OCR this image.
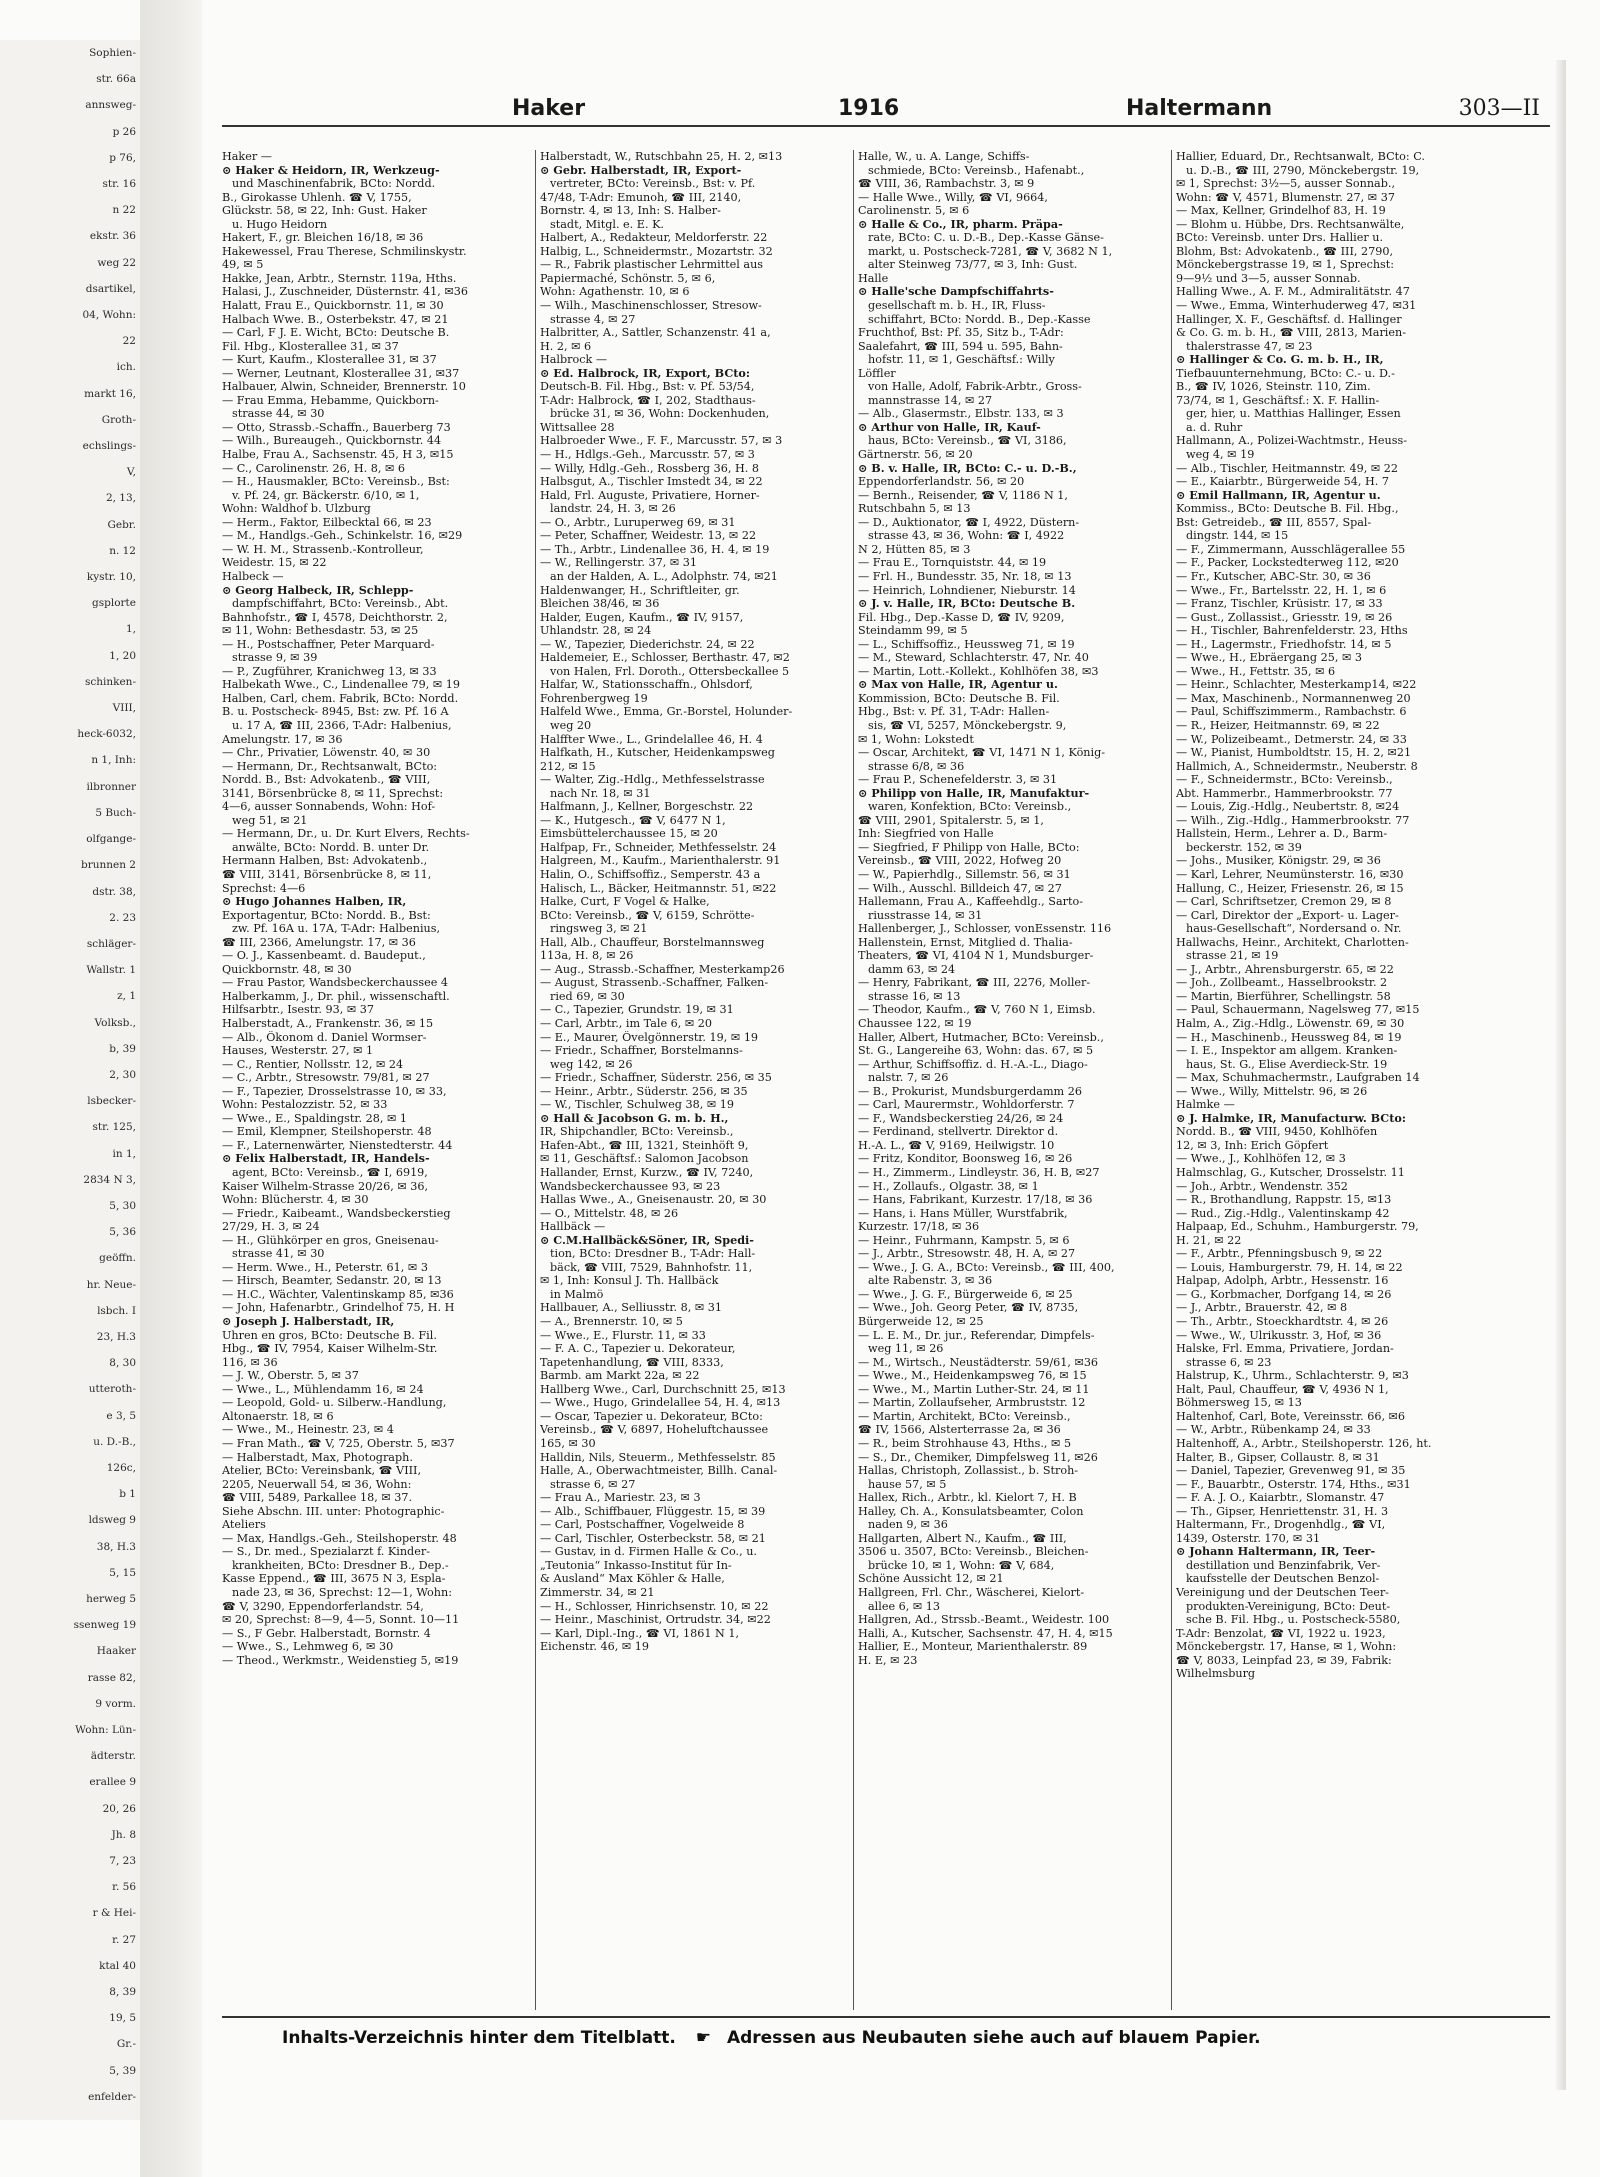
Sophien-
str. 66a
annsweg-
p 26
p 76,
str. 16
n 22
ekstr. 36
weg 22
dsartikel,
04, Wohn:
22
ich.
markt 16,
Groth-
echslings-
V,
2, 13,
Gebr.
n. 12
kystr. 10,
gsplorte
1,
1, 20
schinken-
VIII,
heck-6032,
n 1, Inh:
ilbronner
5 Buch-
olfgange-
brunnen 2
dstr. 38,
2. 23
schläger-
Wallstr. 1
z, 1
Volksb.,
b, 39
2, 30
lsbecker-
str. 125,
in 1,
2834 N 3,
5, 30
5, 36
geöffn.
hr. Neue-
lsbch. I
23, H.3
8, 30
utteroth-
e 3, 5
u. D.-B.,
126c,
b 1
ldsweg 9
38, H.3
5, 15
herweg 5
ssenweg 19
Haaker
rasse 82,
9 vorm.
Wohn: Lün-
ädterstr.
erallee 9
20, 26
Jh. 8
7, 23
r. 56
r & Hei-
r. 27
ktal 40
8, 39
19, 5
Gr.-
5, 39
enfelder-
Haker	1916	Haltermann	303—II
Haker —
⊙ Haker & Heidorn, IR, Werkzeug-
und Maschinenfabrik, BCto: Nordd.
B., Girokasse Uhlenh. ☎ V, 1755,
Glückstr. 58, ✉ 22, Inh: Gust. Haker
u. Hugo Heidorn
Hakert, F., gr. Bleichen 16/18, ✉ 36
Hakewessel, Frau Therese, Schmilinskystr.
49, ✉ 5
Hakke, Jean, Arbtr., Sternstr. 119a, Hths.
Halasi, J., Zuschneider, Düsternstr. 41, ✉36
Halatt, Frau E., Quickbornstr. 11, ✉ 30
Halbach Wwe. B., Osterbekstr. 47, ✉ 21
— Carl, F J. E. Wicht, BCto: Deutsche B.
Fil. Hbg., Klosterallee 31, ✉ 37
— Kurt, Kaufm., Klosterallee 31, ✉ 37
— Werner, Leutnant, Klosterallee 31, ✉37
Halbauer, Alwin, Schneider, Brennerstr. 10
— Frau Emma, Hebamme, Quickborn-
strasse 44, ✉ 30
— Otto, Strassb.-Schaffn., Bauerberg 73
— Wilh., Bureaugeh., Quickbornstr. 44
Halbe, Frau A., Sachsenstr. 45, H 3, ✉15
— C., Carolinenstr. 26, H. 8, ✉ 6
— H., Hausmakler, BCto: Vereinsb., Bst:
v. Pf. 24, gr. Bäckerstr. 6/10, ✉ 1,
Wohn: Waldhof b. Ulzburg
— Herm., Faktor, Eilbecktal 66, ✉ 23
— M., Handlgs.-Geh., Schinkelstr. 16, ✉29
— W. H. M., Strassenb.-Kontrolleur,
Weidestr. 15, ✉ 22
Halbeck —
⊙ Georg Halbeck, IR, Schlepp-
dampfschiffahrt, BCto: Vereinsb., Abt.
Bahnhofstr., ☎ I, 4578, Deichthorstr. 2,
✉ 11, Wohn: Bethesdastr. 53, ✉ 25
— H., Postschaffner, Peter Marquard-
strasse 9, ✉ 39
— P., Zugführer, Kranichweg 13, ✉ 33
Halbekath Wwe., C., Lindenallee 79, ✉ 19
Halben, Carl, chem. Fabrik, BCto: Nordd.
B. u. Postscheck- 8945, Bst: zw. Pf. 16 A
u. 17 A, ☎ III, 2366, T-Adr: Halbenius,
Amelungstr. 17, ✉ 36
— Chr., Privatier, Löwenstr. 40, ✉ 30
— Hermann, Dr., Rechtsanwalt, BCto:
Nordd. B., Bst: Advokatenb., ☎ VIII,
3141, Börsenbrücke 8, ✉ 11, Sprechst:
4—6, ausser Sonnabends, Wohn: Hof-
weg 51, ✉ 21
— Hermann, Dr., u. Dr. Kurt Elvers, Rechts-
anwälte, BCto: Nordd. B. unter Dr.
Hermann Halben, Bst: Advokatenb.,
☎ VIII, 3141, Börsenbrücke 8, ✉ 11,
Sprechst: 4—6
⊙ Hugo Johannes Halben, IR,
Exportagentur, BCto: Nordd. B., Bst:
zw. Pf. 16A u. 17A, T-Adr: Halbenius,
☎ III, 2366, Amelungstr. 17, ✉ 36
— O. J., Kassenbeamt. d. Baudeput.,
Quickbornstr. 48, ✉ 30
— Frau Pastor, Wandsbeckerchaussee 4
Halberkamm, J., Dr. phil., wissenschaftl.
Hilfsarbtr., Isestr. 93, ✉ 37
Halberstadt, A., Frankenstr. 36, ✉ 15
— Alb., Ökonom d. Daniel Wormser-
Hauses, Westerstr. 27, ✉ 1
— C., Rentier, Nollsstr. 12, ✉ 24
— C., Arbtr., Stresowstr. 79/81, ✉ 27
— F., Tapezier, Drosselstrasse 10, ✉ 33,
Wohn: Pestalozzistr. 52, ✉ 33
— Wwe., E., Spaldingstr. 28, ✉ 1
— Emil, Klempner, Steilshoperstr. 48
— F., Laternenwärter, Nienstedterstr. 44
⊙ Felix Halberstadt, IR, Handels-
agent, BCto: Vereinsb., ☎ I, 6919,
Kaiser Wilhelm-Strasse 20/26, ✉ 36,
Wohn: Blücherstr. 4, ✉ 30
— Friedr., Kaibeamt., Wandsbeckerstieg
27/29, H. 3, ✉ 24
— H., Glühkörper en gros, Gneisenau-
strasse 41, ✉ 30
— Herm. Wwe., H., Peterstr. 61, ✉ 3
— Hirsch, Beamter, Sedanstr. 20, ✉ 13
— H.C., Wächter, Valentinskamp 85, ✉36
— John, Hafenarbtr., Grindelhof 75, H. H
⊙ Joseph J. Halberstadt, IR,
Uhren en gros, BCto: Deutsche B. Fil.
Hbg., ☎ IV, 7954, Kaiser Wilhelm-Str.
116, ✉ 36
— J. W., Oberstr. 5, ✉ 37
— Wwe., L., Mühlendamm 16, ✉ 24
— Leopold, Gold- u. Silberw.-Handlung,
Altonaerstr. 18, ✉ 6
— Wwe., M., Heinestr. 23, ✉ 4
— Fran Math., ☎ V, 725, Oberstr. 5, ✉37
— Halberstadt, Max, Photograph.
Atelier, BCto: Vereinsbank, ☎ VIII,
2205, Neuerwall 54, ✉ 36, Wohn:
☎ VIII, 5489, Parkallee 18, ✉ 37.
Siehe Abschn. III. unter: Photographic-
Ateliers
— Max, Handlgs.-Geh., Steilshoperstr. 48
— S., Dr. med., Spezialarzt f. Kinder-
krankheiten, BCto: Dresdner B., Dep.-
Kasse Eppend., ☎ III, 3675 N 3, Espla-
nade 23, ✉ 36, Sprechst: 12—1, Wohn:
☎ V, 3290, Eppendorferlandstr. 54,
✉ 20, Sprechst: 8—9, 4—5, Sonnt. 10—11
— S., F Gebr. Halberstadt, Bornstr. 4
— Wwe., S., Lehmweg 6, ✉ 30
— Theod., Werkmstr., Weidenstieg 5, ✉19
Halberstadt, W., Rutschbahn 25, H. 2, ✉13
⊙ Gebr. Halberstadt, IR, Export-
vertreter, BCto: Vereinsb., Bst: v. Pf.
47/48, T-Adr: Emunoh, ☎ III, 2140,
Bornstr. 4, ✉ 13, Inh: S. Halber-
stadt, Mitgl. e. E. K.
Halbert, A., Redakteur, Meldorferstr. 22
Halbig, L., Schneidermstr., Mozartstr. 32
— R., Fabrik plastischer Lehrmittel aus
Papiermaché, Schönstr. 5, ✉ 6,
Wohn: Agathenstr. 10, ✉ 6
— Wilh., Maschinenschlosser, Stresow-
strasse 4, ✉ 27
Halbritter, A., Sattler, Schanzenstr. 41 a,
H. 2, ✉ 6
Halbrock —
⊙ Ed. Halbrock, IR, Export, BCto:
Deutsch-B. Fil. Hbg., Bst: v. Pf. 53/54,
T-Adr: Halbrock, ☎ I, 202, Stadthaus-
brücke 31, ✉ 36, Wohn: Dockenhuden,
Wittsallee 28
Halbroeder Wwe., F. F., Marcusstr. 57, ✉ 3
— H., Hdlgs.-Geh., Marcusstr. 57, ✉ 3
— Willy, Hdlg.-Geh., Rossberg 36, H. 8
Halbsgut, A., Tischler Imstedt 34, ✉ 22
Hald, Frl. Auguste, Privatiere, Horner-
landstr. 24, H. 3, ✉ 26
— O., Arbtr., Luruperweg 69, ✉ 31
— Peter, Schaffner, Weidestr. 13, ✉ 22
— Th., Arbtr., Lindenallee 36, H. 4, ✉ 19
— W., Rellingerstr. 37, ✉ 31
an der Halden, A. L., Adolphstr. 74, ✉21
Haldenwanger, H., Schriftleiter, gr.
Bleichen 38/46, ✉ 36
Halder, Eugen, Kaufm., ☎ IV, 9157,
Uhlandstr. 28, ✉ 24
— W., Tapezier, Diederichstr. 24, ✉ 22
Haldemeier, E., Schlosser, Berthastr. 47, ✉2
von Halen, Frl. Doroth., Ottersbeckallee 5
Halfar, W., Stationsschaffn., Ohlsdorf,
Fohrenbergweg 19
Halfeld Wwe., Emma, Gr.-Borstel, Holunder-
weg 20
Halffter Wwe., L., Grindelallee 46, H. 4
Halfkath, H., Kutscher, Heidenkampsweg
212, ✉ 15
— Walter, Zig.-Hdlg., Methfesselstrasse
nach Nr. 18, ✉ 31
Halfmann, J., Kellner, Borgeschstr. 22
— K., Hutgesch., ☎ V, 6477 N 1,
Eimsbüttelerchaussee 15, ✉ 20
Halfpap, Fr., Schneider, Methfesselstr. 24
Halgreen, M., Kaufm., Marienthalerstr. 91
Halin, O., Schiffsoffiz., Semperstr. 43 a
Halisch, L., Bäcker, Heitmannstr. 51, ✉22
Halke, Curt, F Vogel & Halke,
BCto: Vereinsb., ☎ V, 6159, Schrötte-
ringsweg 3, ✉ 21
Hall, Alb., Chauffeur, Borstelmannsweg
113a, H. 8, ✉ 26
— Aug., Strassb.-Schaffner, Mesterkamp26
— August, Strassenb.-Schaffner, Falken-
ried 69, ✉ 30
— C., Tapezier, Grundstr. 19, ✉ 31
— Carl, Arbtr., im Tale 6, ✉ 20
— E., Maurer, Övelgönnerstr. 19, ✉ 19
— Friedr., Schaffner, Borstelmanns-
weg 142, ✉ 26
— Friedr., Schaffner, Süderstr. 256, ✉ 35
— Heinr., Arbtr., Süderstr. 256, ✉ 35
— W., Tischler, Schulweg 38, ✉ 19
⊙ Hall & Jacobson G. m. b. H.,
IR, Shipchandler, BCto: Vereinsb.,
Hafen-Abt., ☎ III, 1321, Steinhöft 9,
✉ 11, Geschäftsf.: Salomon Jacobson
Hallander, Ernst, Kurzw., ☎ IV, 7240,
Wandsbeckerchaussee 93, ✉ 23
Hallas Wwe., A., Gneisenaustr. 20, ✉ 30
— O., Mittelstr. 48, ✉ 26
Hallbäck —
⊙ C.M.Hallbäck&Söner, IR, Spedi-
tion, BCto: Dresdner B., T-Adr: Hall-
bäck, ☎ VIII, 7529, Bahnhofstr. 11,
✉ 1, Inh: Konsul J. Th. Hallbäck
in Malmö
Hallbauer, A., Selliusstr. 8, ✉ 31
— A., Brennerstr. 10, ✉ 5
— Wwe., E., Flurstr. 11, ✉ 33
— F. A. C., Tapezier u. Dekorateur,
Tapetenhandlung, ☎ VIII, 8333,
Barmb. am Markt 22a, ✉ 22
Hallberg Wwe., Carl, Durchschnitt 25, ✉13
— Wwe., Hugo, Grindelallee 54, H. 4, ✉13
— Oscar, Tapezier u. Dekorateur, BCto:
Vereinsb., ☎ V, 6897, Hoheluftchaussee
165, ✉ 30
Halldin, Nils, Steuerm., Methfesselstr. 85
Halle, A., Oberwachtmeister, Billh. Canal-
strasse 6, ✉ 27
— Frau A., Mariestr. 23, ✉ 3
— Alb., Schiffbauer, Flüggestr. 15, ✉ 39
— Carl, Postschaffner, Vogelweide 8
— Carl, Tischler, Osterbeckstr. 58, ✉ 21
— Gustav, in d. Firmen Halle & Co., u.
„Teutonia“ Inkasso-Institut für In-
& Ausland“ Max Köhler & Halle,
Zimmerstr. 34, ✉ 21
— H., Schlosser, Hinrichsenstr. 10, ✉ 22
— Heinr., Maschinist, Ortrudstr. 34, ✉22
— Karl, Dipl.-Ing., ☎ VI, 1861 N 1,
Eichenstr. 46, ✉ 19
Halle, W., u. A. Lange, Schiffs-
schmiede, BCto: Vereinsb., Hafenabt.,
☎ VIII, 36, Rambachstr. 3, ✉ 9
— Halle Wwe., Willy, ☎ VI, 9664,
Carolinenstr. 5, ✉ 6
⊙ Halle & Co., IR, pharm. Präpa-
rate, BCto: C. u. D.-B., Dep.-Kasse Gänse-
markt, u. Postscheck-7281, ☎ V, 3682 N 1,
alter Steinweg 73/77, ✉ 3, Inh: Gust.
Halle
⊙ Halle'sche Dampfschiffahrts-
gesellschaft m. b. H., IR, Fluss-
schiffahrt, BCto: Nordd. B., Dep.-Kasse
Fruchthof, Bst: Pf. 35, Sitz b., T-Adr:
Saalefahrt, ☎ III, 594 u. 595, Bahn-
hofstr. 11, ✉ 1, Geschäftsf.: Willy
Löffler
von Halle, Adolf, Fabrik-Arbtr., Gross-
mannstrasse 14, ✉ 27
— Alb., Glasermstr., Elbstr. 133, ✉ 3
⊙ Arthur von Halle, IR, Kauf-
haus, BCto: Vereinsb., ☎ VI, 3186,
Gärtnerstr. 56, ✉ 20
⊙ B. v. Halle, IR, BCto: C.- u. D.-B.,
Eppendorferlandstr. 56, ✉ 20
— Bernh., Reisender, ☎ V, 1186 N 1,
Rutschbahn 5, ✉ 13
— D., Auktionator, ☎ I, 4922, Düstern-
strasse 43, ✉ 36, Wohn: ☎ I, 4922
N 2, Hütten 85, ✉ 3
— Frau E., Tornquiststr. 44, ✉ 19
— Frl. H., Bundesstr. 35, Nr. 18, ✉ 13
— Heinrich, Lohndiener, Nieburstr. 14
⊙ J. v. Halle, IR, BCto: Deutsche B.
Fil. Hbg., Dep.-Kasse D, ☎ IV, 9209,
Steindamm 99, ✉ 5
— L., Schiffsoffiz., Heussweg 71, ✉ 19
— M., Steward, Schlachterstr. 47, Nr. 40
— Martin, Lott.-Kollekt., Kohlhöfen 38, ✉3
⊙ Max von Halle, IR, Agentur u.
Kommission, BCto: Deutsche B. Fil.
Hbg., Bst: v. Pf. 31, T-Adr: Hallen-
sis, ☎ VI, 5257, Mönckebergstr. 9,
✉ 1, Wohn: Lokstedt
— Oscar, Architekt, ☎ VI, 1471 N 1, König-
strasse 6/8, ✉ 36
— Frau P., Schenefelderstr. 3, ✉ 31
⊙ Philipp von Halle, IR, Manufaktur-
waren, Konfektion, BCto: Vereinsb.,
☎ VIII, 2901, Spitalerstr. 5, ✉ 1,
Inh: Siegfried von Halle
— Siegfried, F Philipp von Halle, BCto:
Vereinsb., ☎ VIII, 2022, Hofweg 20
— W., Papierhdlg., Sillemstr. 56, ✉ 31
— Wilh., Ausschl. Billdeich 47, ✉ 27
Hallemann, Frau A., Kaffeehdlg., Sarto-
riusstrasse 14, ✉ 31
Hallenberger, J., Schlosser, vonEssenstr. 116
Hallenstein, Ernst, Mitglied d. Thalia-
Theaters, ☎ VI, 4104 N 1, Mundsburger-
damm 63, ✉ 24
— Henry, Fabrikant, ☎ III, 2276, Moller-
strasse 16, ✉ 13
— Theodor, Kaufm., ☎ V, 760 N 1, Eimsb.
Chaussee 122, ✉ 19
Haller, Albert, Hutmacher, BCto: Vereinsb.,
St. G., Langereihe 63, Wohn: das. 67, ✉ 5
— Arthur, Schiffsoffiz. d. H.-A.-L., Diago-
nalstr. 7, ✉ 26
— B., Prokurist, Mundsburgerdamm 26
— Carl, Maurermstr., Wohldorferstr. 7
— F., Wandsbeckerstieg 24/26, ✉ 24
— Ferdinand, stellvertr. Direktor d.
H.-A. L., ☎ V, 9169, Heilwigstr. 10
— Fritz, Konditor, Boonsweg 16, ✉ 26
— H., Zimmerm., Lindleystr. 36, H. B, ✉27
— H., Zollaufs., Olgastr. 38, ✉ 1
— Hans, Fabrikant, Kurzestr. 17/18, ✉ 36
— Hans, i. Hans Müller, Wurstfabrik,
Kurzestr. 17/18, ✉ 36
— Heinr., Fuhrmann, Kampstr. 5, ✉ 6
— J., Arbtr., Stresowstr. 48, H. A, ✉ 27
— Wwe., J. G. A., BCto: Vereinsb., ☎ III, 400,
alte Rabenstr. 3, ✉ 36
— Wwe., J. G. F., Bürgerweide 6, ✉ 25
— Wwe., Joh. Georg Peter, ☎ IV, 8735,
Bürgerweide 12, ✉ 25
— L. E. M., Dr. jur., Referendar, Dimpfels-
weg 11, ✉ 26
— M., Wirtsch., Neustädterstr. 59/61, ✉36
— Wwe., M., Heidenkampsweg 76, ✉ 15
— Wwe., M., Martin Luther-Str. 24, ✉ 11
— Martin, Zollaufseher, Armbruststr. 12
— Martin, Architekt, BCto: Vereinsb.,
☎ IV, 1566, Alsterterrasse 2a, ✉ 36
— R., beim Strohhause 43, Hths., ✉ 5
— S., Dr., Chemiker, Dimpfelsweg 11, ✉26
Hallas, Christoph, Zollassist., b. Stroh-
hause 57, ✉ 5
Hallex, Rich., Arbtr., kl. Kielort 7, H. B
Halley, Ch. A., Konsulatsbeamter, Colon
naden 9, ✉ 36
Hallgarten, Albert N., Kaufm., ☎ III,
3506 u. 3507, BCto: Vereinsb., Bleichen-
brücke 10, ✉ 1, Wohn: ☎ V, 684,
Schöne Aussicht 12, ✉ 21
Hallgreen, Frl. Chr., Wäscherei, Kielort-
allee 6, ✉ 13
Hallgren, Ad., Strssb.-Beamt., Weidestr. 100
Halli, A., Kutscher, Sachsenstr. 47, H. 4, ✉15
Hallier, E., Monteur, Marienthalerstr. 89
H. E, ✉ 23
Hallier, Eduard, Dr., Rechtsanwalt, BCto: C.
u. D.-B., ☎ III, 2790, Mönckebergstr. 19,
✉ 1, Sprechst: 3½—5, ausser Sonnab.,
Wohn: ☎ V, 4571, Blumenstr. 27, ✉ 37
— Max, Kellner, Grindelhof 83, H. 19
— Blohm u. Hübbe, Drs. Rechtsanwälte,
BCto: Vereinsb. unter Drs. Hallier u.
Blohm, Bst: Advokatenb., ☎ III, 2790,
Mönckebergstrasse 19, ✉ 1, Sprechst:
9—9½ und 3—5, ausser Sonnab.
Halling Wwe., A. F. M., Admiralitätstr. 47
— Wwe., Emma, Winterhuderweg 47, ✉31
Hallinger, X. F., Geschäftsf. d. Hallinger
& Co. G. m. b. H., ☎ VIII, 2813, Marien-
thalerstrasse 47, ✉ 23
⊙ Hallinger & Co. G. m. b. H., IR,
Tiefbauunternehmung, BCto: C.- u. D.-
B., ☎ IV, 1026, Steinstr. 110, Zim.
73/74, ✉ 1, Geschäftsf.: X. F. Hallin-
ger, hier, u. Matthias Hallinger, Essen
a. d. Ruhr
Hallmann, A., Polizei-Wachtmstr., Heuss-
weg 4, ✉ 19
— Alb., Tischler, Heitmannstr. 49, ✉ 22
— E., Kaiarbtr., Bürgerweide 54, H. 7
⊙ Emil Hallmann, IR, Agentur u.
Kommiss., BCto: Deutsche B. Fil. Hbg.,
Bst: Getreideb., ☎ III, 8557, Spal-
dingstr. 144, ✉ 15
— F., Zimmermann, Ausschlägerallee 55
— F., Packer, Lockstedterweg 112, ✉20
— Fr., Kutscher, ABC-Str. 30, ✉ 36
— Wwe., Fr., Bartelsstr. 22, H. 1, ✉ 6
— Franz, Tischler, Krüsistr. 17, ✉ 33
— Gust., Zollassist., Griesstr. 19, ✉ 26
— H., Tischler, Bahrenfelderstr. 23, Hths
— H., Lagermstr., Friedhofstr. 14, ✉ 5
— Wwe., H., Ebräergang 25, ✉ 3
— Wwe., H., Fettstr. 35, ✉ 6
— Heinr., Schlachter, Mesterkamp14, ✉22
— Max, Maschinenb., Normannenweg 20
— Paul, Schiffszimmerm., Rambachstr. 6
— R., Heizer, Heitmannstr. 69, ✉ 22
— W., Polizeibeamt., Detmerstr. 24, ✉ 33
— W., Pianist, Humboldtstr. 15, H. 2, ✉21
Hallmich, A., Schneidermstr., Neuberstr. 8
— F., Schneidermstr., BCto: Vereinsb.,
Abt. Hammerbr., Hammerbrookstr. 77
— Louis, Zig.-Hdlg., Neubertstr. 8, ✉24
— Wilh., Zig.-Hdlg., Hammerbrookstr. 77
Hallstein, Herm., Lehrer a. D., Barm-
beckerstr. 152, ✉ 39
— Johs., Musiker, Königstr. 29, ✉ 36
— Karl, Lehrer, Neumünsterstr. 16, ✉30
Hallung, C., Heizer, Friesenstr. 26, ✉ 15
— Carl, Schriftsetzer, Cremon 29, ✉ 8
— Carl, Direktor der „Export- u. Lager-
haus-Gesellschaft“, Nordersand o. Nr.
Hallwachs, Heinr., Architekt, Charlotten-
strasse 21, ✉ 19
— J., Arbtr., Ahrensburgerstr. 65, ✉ 22
— Joh., Zollbeamt., Hasselbrookstr. 2
— Martin, Bierführer, Schellingstr. 58
— Paul, Schauermann, Nagelsweg 77, ✉15
Halm, A., Zig.-Hdlg., Löwenstr. 69, ✉ 30
— H., Maschinenb., Heussweg 84, ✉ 19
— I. E., Inspektor am allgem. Kranken-
haus, St. G., Elise Averdieck-Str. 19
— Max, Schuhmachermstr., Laufgraben 14
— Wwe., Willy, Mittelstr. 96, ✉ 26
Halmke —
⊙ J. Halmke, IR, Manufacturw. BCto:
Nordd. B., ☎ VIII, 9450, Kohlhöfen
12, ✉ 3, Inh: Erich Göpfert
— Wwe., J., Kohlhöfen 12, ✉ 3
Halmschlag, G., Kutscher, Drosselstr. 11
— Joh., Arbtr., Wendenstr. 352
— R., Brothandlung, Rappstr. 15, ✉13
— Rud., Zig.-Hdlg., Valentinskamp 42
Halpaap, Ed., Schuhm., Hamburgerstr. 79,
H. 21, ✉ 22
— F., Arbtr., Pfenningsbusch 9, ✉ 22
— Louis, Hamburgerstr. 79, H. 14, ✉ 22
Halpap, Adolph, Arbtr., Hessenstr. 16
— G., Korbmacher, Dorfgang 14, ✉ 26
— J., Arbtr., Brauerstr. 42, ✉ 8
— Th., Arbtr., Stoeckhardtstr. 4, ✉ 26
— Wwe., W., Ulrikusstr. 3, Hof, ✉ 36
Halske, Frl. Emma, Privatiere, Jordan-
strasse 6, ✉ 23
Halstrup, K., Uhrm., Schlachterstr. 9, ✉3
Halt, Paul, Chauffeur, ☎ V, 4936 N 1,
Böhmersweg 15, ✉ 13
Haltenhof, Carl, Bote, Vereinsstr. 66, ✉6
— W., Arbtr., Rübenkamp 24, ✉ 33
Haltenhoff, A., Arbtr., Steilshoperstr. 126, ht.
Halter, B., Gipser, Collaustr. 8, ✉ 31
— Daniel, Tapezier, Grevenweg 91, ✉ 35
— F., Bauarbtr., Osterstr. 174, Hths., ✉31
— F. A. J. O., Kaiarbtr., Slomanstr. 47
— Th., Gipser, Henriettenstr. 31, H. 3
Haltermann, Fr., Drogenhdlg., ☎ VI,
1439, Osterstr. 170, ✉ 31
⊙ Johann Haltermann, IR, Teer-
destillation und Benzinfabrik, Ver-
kaufsstelle der Deutschen Benzol-
Vereinigung und der Deutschen Teer-
produkten-Vereinigung, BCto: Deut-
sche B. Fil. Hbg., u. Postscheck-5580,
T-Adr: Benzolat, ☎ VI, 1922 u. 1923,
Mönckebergstr. 17, Hanse, ✉ 1, Wohn:
☎ V, 8033, Leinpfad 23, ✉ 39, Fabrik:
Wilhelmsburg
Inhalts-Verzeichnis hinter dem Titelblatt. ☛ Adressen aus Neubauten siehe auch auf blauem Papier.
